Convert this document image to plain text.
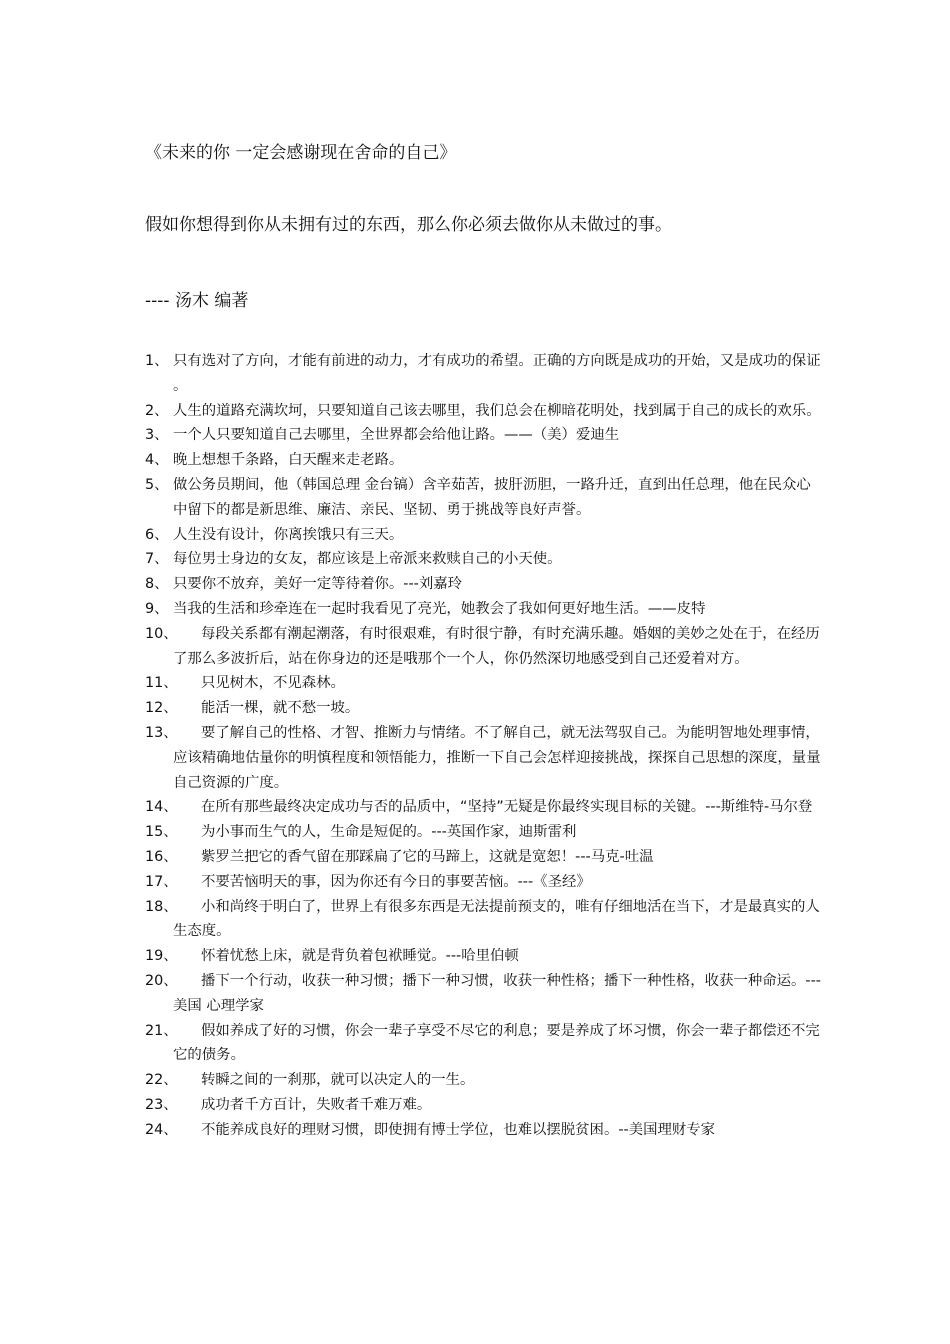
《未来的你 一定会感谢现在舍命的自己》
假如你想得到你从未拥有过的东西，那么你必须去做你从未做过的事。
---- 汤木 编著
1、 只有选对了方向，才能有前进的动力，才有成功的希望。正确的方向既是成功的开始，又是成功的保证 。
2、 人生的道路充满坎坷，只要知道自己该去哪里，我们总会在柳暗花明处，找到属于自己的成长的欢乐。
3、 一个人只要知道自己去哪里，全世界都会给他让路。——（美）爱迪生
4、 晚上想想千条路，白天醒来走老路。
5、 做公务员期间，他（韩国总理 金台镐）含辛茹苦，披肝沥胆，一路升迁，直到出任总理，他在民众心中留下的都是新思维、廉洁、亲民、坚韧、勇于挑战等良好声誉。
6、 人生没有设计，你离挨饿只有三天。
7、 每位男士身边的女友，都应该是上帝派来救赎自己的小天使。
8、 只要你不放弃，美好一定等待着你。---刘嘉玲
9、 当我的生活和珍牵连在一起时我看见了亮光，她教会了我如何更好地生活。——皮特
10、	每段关系都有潮起潮落，有时很艰难，有时很宁静，有时充满乐趣。婚姻的美妙之处在于，在经历了那么多波折后，站在你身边的还是哦那个一个人，你仍然深切地感受到自己还爱着对方。
11、	只见树木，不见森林。
12、	能活一棵，就不愁一坡。
13、	要了解自己的性格、才智、推断力与情绪。不了解自己，就无法驾驭自己。为能明智地处理事情，应该精确地估量你的明慎程度和领悟能力，推断一下自己会怎样迎接挑战，探探自己思想的深度，量量自己资源的广度。
14、	在所有那些最终决定成功与否的品质中，“坚持”无疑是你最终实现目标的关键。---斯维特-马尔登
15、	为小事而生气的人，生命是短促的。---英国作家，迪斯雷利
16、	紫罗兰把它的香气留在那踩扁了它的马蹄上，这就是宽恕！---马克-吐温
17、	不要苦恼明天的事，因为你还有今日的事要苦恼。---《圣经》
18、	小和尚终于明白了，世界上有很多东西是无法提前预支的，唯有仔细地活在当下，才是最真实的人生态度。
19、	怀着忧愁上床，就是背负着包袱睡觉。---哈里伯顿
20、	播下一个行动，收获一种习惯；播下一种习惯，收获一种性格；播下一种性格，收获一种命运。---美国 心理学家
21、	假如养成了好的习惯，你会一辈子享受不尽它的利息；要是养成了坏习惯，你会一辈子都偿还不完它的债务。
22、	转瞬之间的一刹那，就可以决定人的一生。
23、	成功者千方百计，失败者千难万难。
24、	不能养成良好的理财习惯，即使拥有博士学位，也难以摆脱贫困。--美国理财专家
